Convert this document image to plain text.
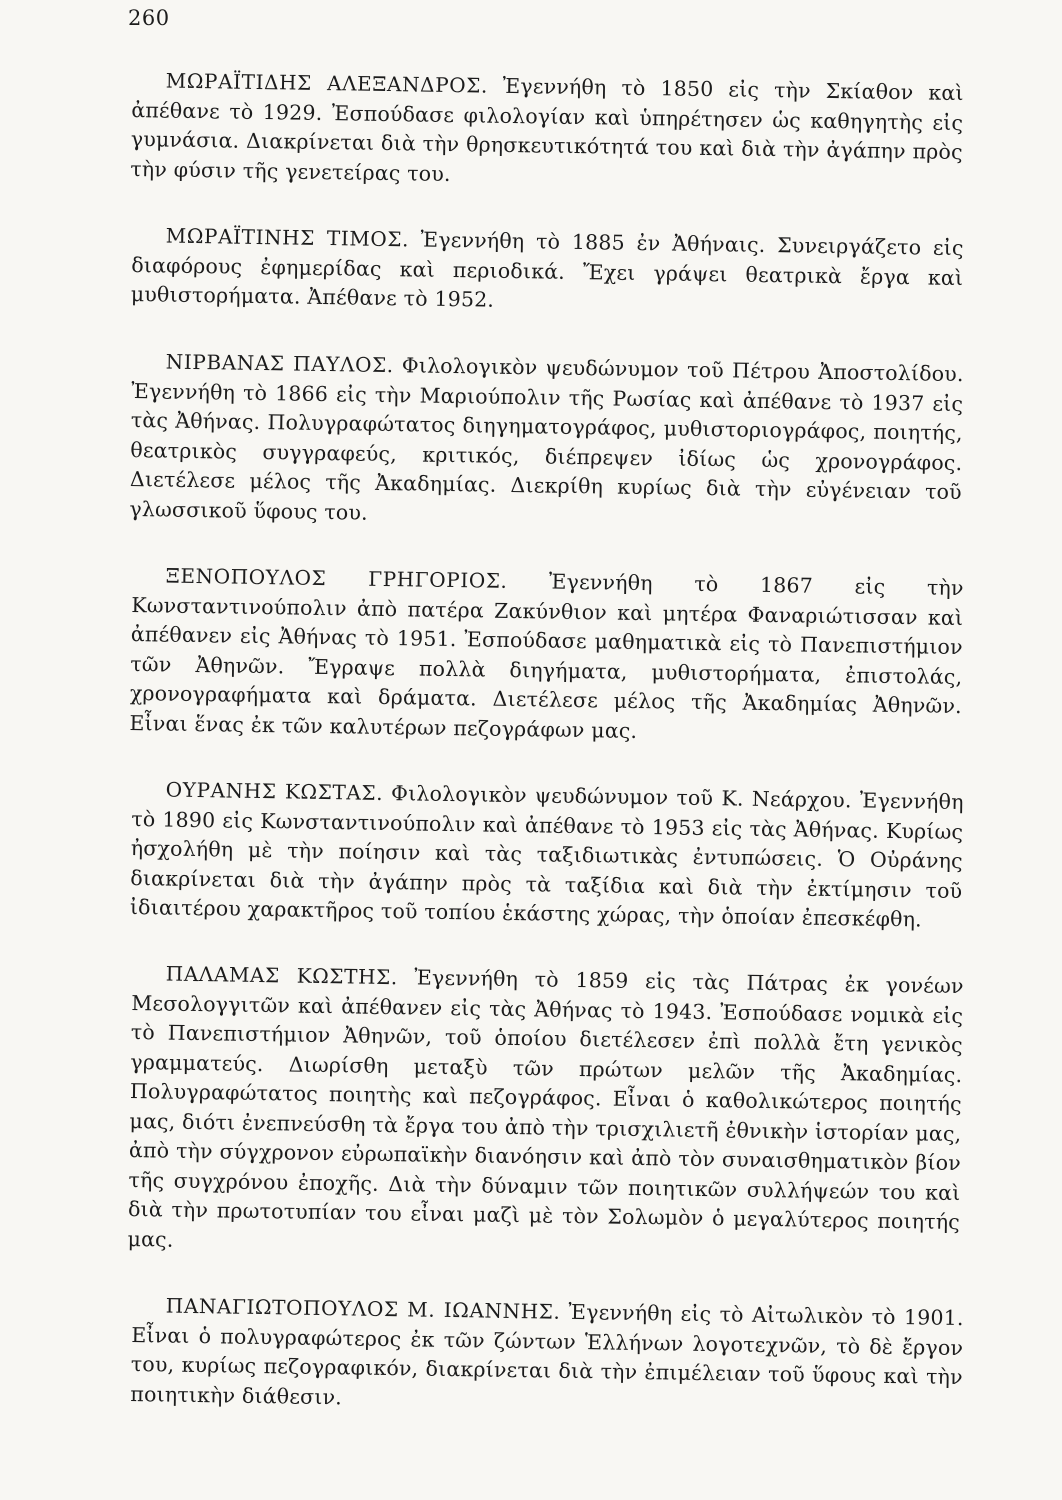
260

ΜΩΡΑΪΤΙΔΗΣ ΑΛΕΞΑΝΔΡΟΣ. Ἐγεννήθη τὸ 1850 εἰς τὴν Σκίαθον καὶ ἀπέθανε τὸ 1929. Ἐσπούδασε φιλολογίαν καὶ ὑπηρέτησεν ὡς καθηγητὴς εἰς γυμνάσια. Διακρίνεται διὰ τὴν θρησκευτικότητά του καὶ διὰ τὴν ἀγάπην πρὸς τὴν φύσιν τῆς γενετείρας του.

ΜΩΡΑΪΤΙΝΗΣ ΤΙΜΟΣ. Ἐγεννήθη τὸ 1885 ἐν Ἀθήναις. Συνειργάζετο εἰς διαφόρους ἐφημερίδας καὶ περιοδικά. Ἔχει γράψει θεατρικὰ ἔργα καὶ μυθιστορήματα. Ἀπέθανε τὸ 1952.

ΝΙΡΒΑΝΑΣ ΠΑΥΛΟΣ. Φιλολογικὸν ψευδώνυμον τοῦ Πέτρου Ἀποστολίδου. Ἐγεννήθη τὸ 1866 εἰς τὴν Μαριούπολιν τῆς Ρωσίας καὶ ἀπέθανε τὸ 1937 εἰς τὰς Ἀθήνας. Πολυγραφώτατος διηγηματογράφος, μυθιστοριογράφος, ποιητής, θεατρικὸς συγγραφεύς, κριτικός, διέπρεψεν ἰδίως ὡς χρονογράφος. Διετέλεσε μέλος τῆς Ἀκαδημίας. Διεκρίθη κυρίως διὰ τὴν εὐγένειαν τοῦ γλωσσικοῦ ὕφους του.

ΞΕΝΟΠΟΥΛΟΣ ΓΡΗΓΟΡΙΟΣ. Ἐγεννήθη τὸ 1867 εἰς τὴν Κωνσταντινούπολιν ἀπὸ πατέρα Ζακύνθιον καὶ μητέρα Φαναριώτισσαν καὶ ἀπέθανεν εἰς Ἀθήνας τὸ 1951. Ἐσπούδασε μαθηματικὰ εἰς τὸ Πανεπιστήμιον τῶν Ἀθηνῶν. Ἔγραψε πολλὰ διηγήματα, μυθιστορήματα, ἐπιστολάς, χρονογραφήματα καὶ δράματα. Διετέλεσε μέλος τῆς Ἀκαδημίας Ἀθηνῶν. Εἶναι ἕνας ἐκ τῶν καλυτέρων πεζογράφων μας.

ΟΥΡΑΝΗΣ ΚΩΣΤΑΣ. Φιλολογικὸν ψευδώνυμον τοῦ Κ. Νεάρχου. Ἐγεννήθη τὸ 1890 εἰς Κωνσταντινούπολιν καὶ ἀπέθανε τὸ 1953 εἰς τὰς Ἀθήνας. Κυρίως ἠσχολήθη μὲ τὴν ποίησιν καὶ τὰς ταξιδιωτικὰς ἐντυπώσεις. Ὁ Οὐράνης διακρίνεται διὰ τὴν ἀγάπην πρὸς τὰ ταξίδια καὶ διὰ τὴν ἐκτίμησιν τοῦ ἰδιαιτέρου χαρακτῆρος τοῦ τοπίου ἑκάστης χώρας, τὴν ὁποίαν ἐπεσκέφθη.

ΠΑΛΑΜΑΣ ΚΩΣΤΗΣ. Ἐγεννήθη τὸ 1859 εἰς τὰς Πάτρας ἐκ γονέων Μεσολογγιτῶν καὶ ἀπέθανεν εἰς τὰς Ἀθήνας τὸ 1943. Ἐσπούδασε νομικὰ εἰς τὸ Πανεπιστήμιον Ἀθηνῶν, τοῦ ὁποίου διετέλεσεν ἐπὶ πολλὰ ἔτη γενικὸς γραμματεύς. Διωρίσθη μεταξὺ τῶν πρώτων μελῶν τῆς Ἀκαδημίας. Πολυγραφώτατος ποιητὴς καὶ πεζογράφος. Εἶναι ὁ καθολικώτερος ποιητής μας, διότι ἐνεπνεύσθη τὰ ἔργα του ἀπὸ τὴν τρισχιλιετῆ ἐθνικὴν ἱστορίαν μας, ἀπὸ τὴν σύγχρονον εὐρωπαϊκὴν διανόησιν καὶ ἀπὸ τὸν συναισθηματικὸν βίον τῆς συγχρόνου ἐποχῆς. Διὰ τὴν δύναμιν τῶν ποιητικῶν συλλήψεών του καὶ διὰ τὴν πρωτοτυπίαν του εἶναι μαζὶ μὲ τὸν Σολωμὸν ὁ μεγαλύτερος ποιητής μας.

ΠΑΝΑΓΙΩΤΟΠΟΥΛΟΣ Μ. ΙΩΑΝΝΗΣ. Ἐγεννήθη εἰς τὸ Αἰτωλικὸν τὸ 1901. Εἶναι ὁ πολυγραφώτερος ἐκ τῶν ζώντων Ἑλλήνων λογοτεχνῶν, τὸ δὲ ἔργον του, κυρίως πεζογραφικόν, διακρίνεται διὰ τὴν ἐπιμέλειαν τοῦ ὕφους καὶ τὴν ποιητικὴν διάθεσιν.
